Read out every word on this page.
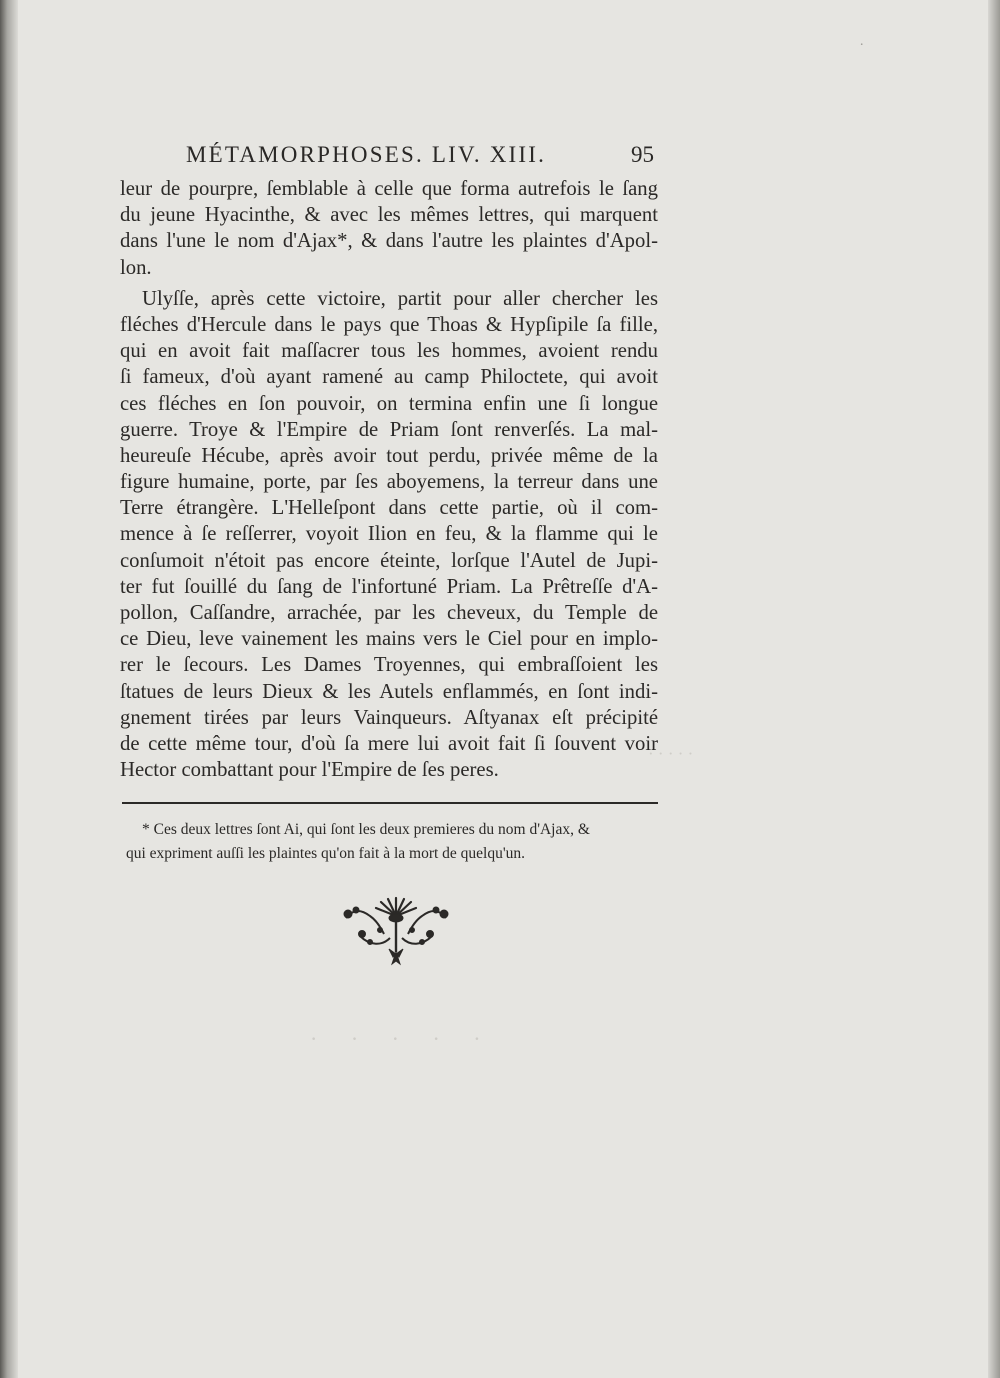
MÉTAMORPHOSES. LIV. XIII.	95
leur de pourpre, ſemblable à celle que forma autrefois le ſang
du jeune Hyacinthe, & avec les mêmes lettres, qui marquent
dans l'une le nom d'Ajax*, & dans l'autre les plaintes d'Apol-
lon.
Ulyſſe, après cette victoire, partit pour aller chercher les
fléches d'Hercule dans le pays que Thoas & Hypſipile ſa fille,
qui en avoit fait maſſacrer tous les hommes, avoient rendu
ſi fameux, d'où ayant ramené au camp Philoctete, qui avoit
ces fléches en ſon pouvoir, on termina enfin une ſi longue
guerre. Troye & l'Empire de Priam ſont renverſés. La mal-
heureuſe Hécube, après avoir tout perdu, privée même de la
figure humaine, porte, par ſes aboyemens, la terreur dans une
Terre étrangère. L'Helleſpont dans cette partie, où il com-
mence à ſe reſſerrer, voyoit Ilion en feu, & la flamme qui le
conſumoit n'étoit pas encore éteinte, lorſque l'Autel de Jupi-
ter fut ſouillé du ſang de l'infortuné Priam. La Prêtreſſe d'A-
pollon, Caſſandre, arrachée, par les cheveux, du Temple de
ce Dieu, leve vainement les mains vers le Ciel pour en implo-
rer le ſecours. Les Dames Troyennes, qui embraſſoient les
ſtatues de leurs Dieux & les Autels enflammés, en ſont indi-
gnement tirées par leurs Vainqueurs. Aſtyanax eſt précipité
de cette même tour, d'où ſa mere lui avoit fait ſi ſouvent voir
Hector combattant pour l'Empire de ſes peres.
* Ces deux lettres ſont Ai, qui ſont les deux premieres du nom d'Ajax, &
qui expriment auſſi les plaintes qu'on fait à la mort de quelqu'un.
· · · · ·
· · · · ·
·
